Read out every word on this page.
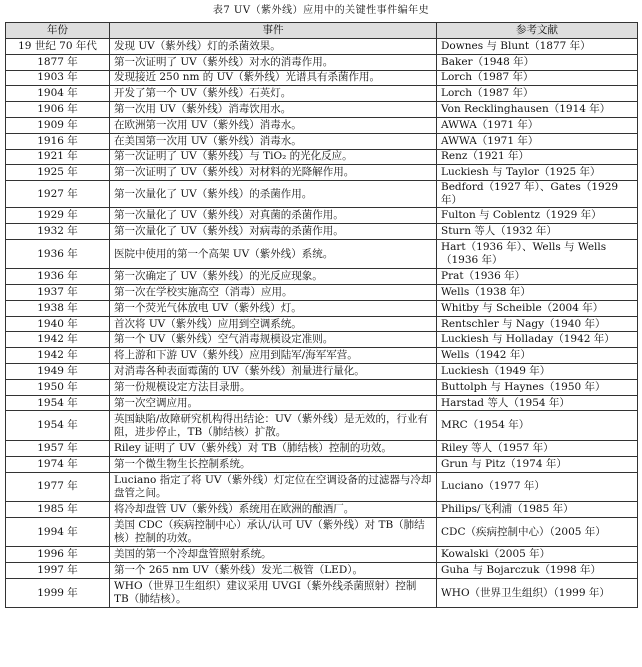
表7 UV（紫外线）应用中的关键性事件编年史
年份	事件	参考文献
19 世纪 70 年代	发现 UV（紫外线）灯的杀菌效果。	Downes 与 Blunt（1877 年）
1877 年	第一次证明了 UV（紫外线）对水的消毒作用。	Baker（1948 年）
1903 年	发现接近 250 nm 的 UV（紫外线）光谱具有杀菌作用。	Lorch（1987 年）
1904 年	开发了第一个 UV（紫外线）石英灯。	Lorch（1987 年）
1906 年	第一次用 UV（紫外线）消毒饮用水。	Von Recklinghausen（1914 年）
1909 年	在欧洲第一次用 UV（紫外线）消毒水。	AWWA（1971 年）
1916 年	在美国第一次用 UV（紫外线）消毒水。	AWWA（1971 年）
1921 年	第一次证明了 UV（紫外线）与 TiO₂ 的光化反应。	Renz（1921 年）
1925 年	第一次证明了 UV（紫外线）对材料的光降解作用。	Luckiesh 与 Taylor（1925 年）
1927 年	第一次量化了 UV（紫外线）的杀菌作用。	Bedford（1927 年）、Gates（1929 年）
1929 年	第一次量化了 UV（紫外线）对真菌的杀菌作用。	Fulton 与 Coblentz（1929 年）
1932 年	第一次量化了 UV（紫外线）对病毒的杀菌作用。	Sturn 等人（1932 年）
1936 年	医院中使用的第一个高架 UV（紫外线）系统。	Hart（1936 年）、Wells 与 Wells（1936 年）
1936 年	第一次确定了 UV（紫外线）的光反应现象。	Prat（1936 年）
1937 年	第一次在学校实施高空（消毒）应用。	Wells（1938 年）
1938 年	第一个荧光气体放电 UV（紫外线）灯。	Whitby 与 Scheible（2004 年）
1940 年	首次将 UV（紫外线）应用到空调系统。	Rentschler 与 Nagy（1940 年）
1942 年	第一个 UV（紫外线）空气消毒规模设定准则。	Luckiesh 与 Holladay（1942 年）
1942 年	将上游和下游 UV（紫外线）应用到陆军/海军军营。	Wells（1942 年）
1949 年	对消毒各种表面霉菌的 UV（紫外线）剂量进行量化。	Luckiesh（1949 年）
1950 年	第一份规模设定方法目录册。	Buttolph 与 Haynes（1950 年）
1954 年	第一次空调应用。	Harstad 等人（1954 年）
1954 年	英国缺陷/故障研究机构得出结论：UV（紫外线）是无效的，行业有阻，进步停止，TB（肺结核）扩散。	MRC（1954 年）
1957 年	Riley 证明了 UV（紫外线）对 TB（肺结核）控制的功效。	Riley 等人（1957 年）
1974 年	第一个微生物生长控制系统。	Grun 与 Pitz（1974 年）
1977 年	Luciano 指定了将 UV（紫外线）灯定位在空调设备的过滤器与冷却盘管之间。	Luciano（1977 年）
1985 年	将冷却盘管 UV（紫外线）系统用在欧洲的酿酒厂。	Philips/飞利浦（1985 年）
1994 年	美国 CDC（疾病控制中心）承认/认可 UV（紫外线）对 TB（肺结核）控制的功效。	CDC（疾病控制中心）（2005 年）
1996 年	美国的第一个冷却盘管照射系统。	Kowalski（2005 年）
1997 年	第一个 265 nm UV（紫外线）发光二极管（LED）。	Guha 与 Bojarczuk（1998 年）
1999 年	WHO（世界卫生组织）建议采用 UVGI（紫外线杀菌照射）控制 TB（肺结核）。	WHO（世界卫生组织）（1999 年）
